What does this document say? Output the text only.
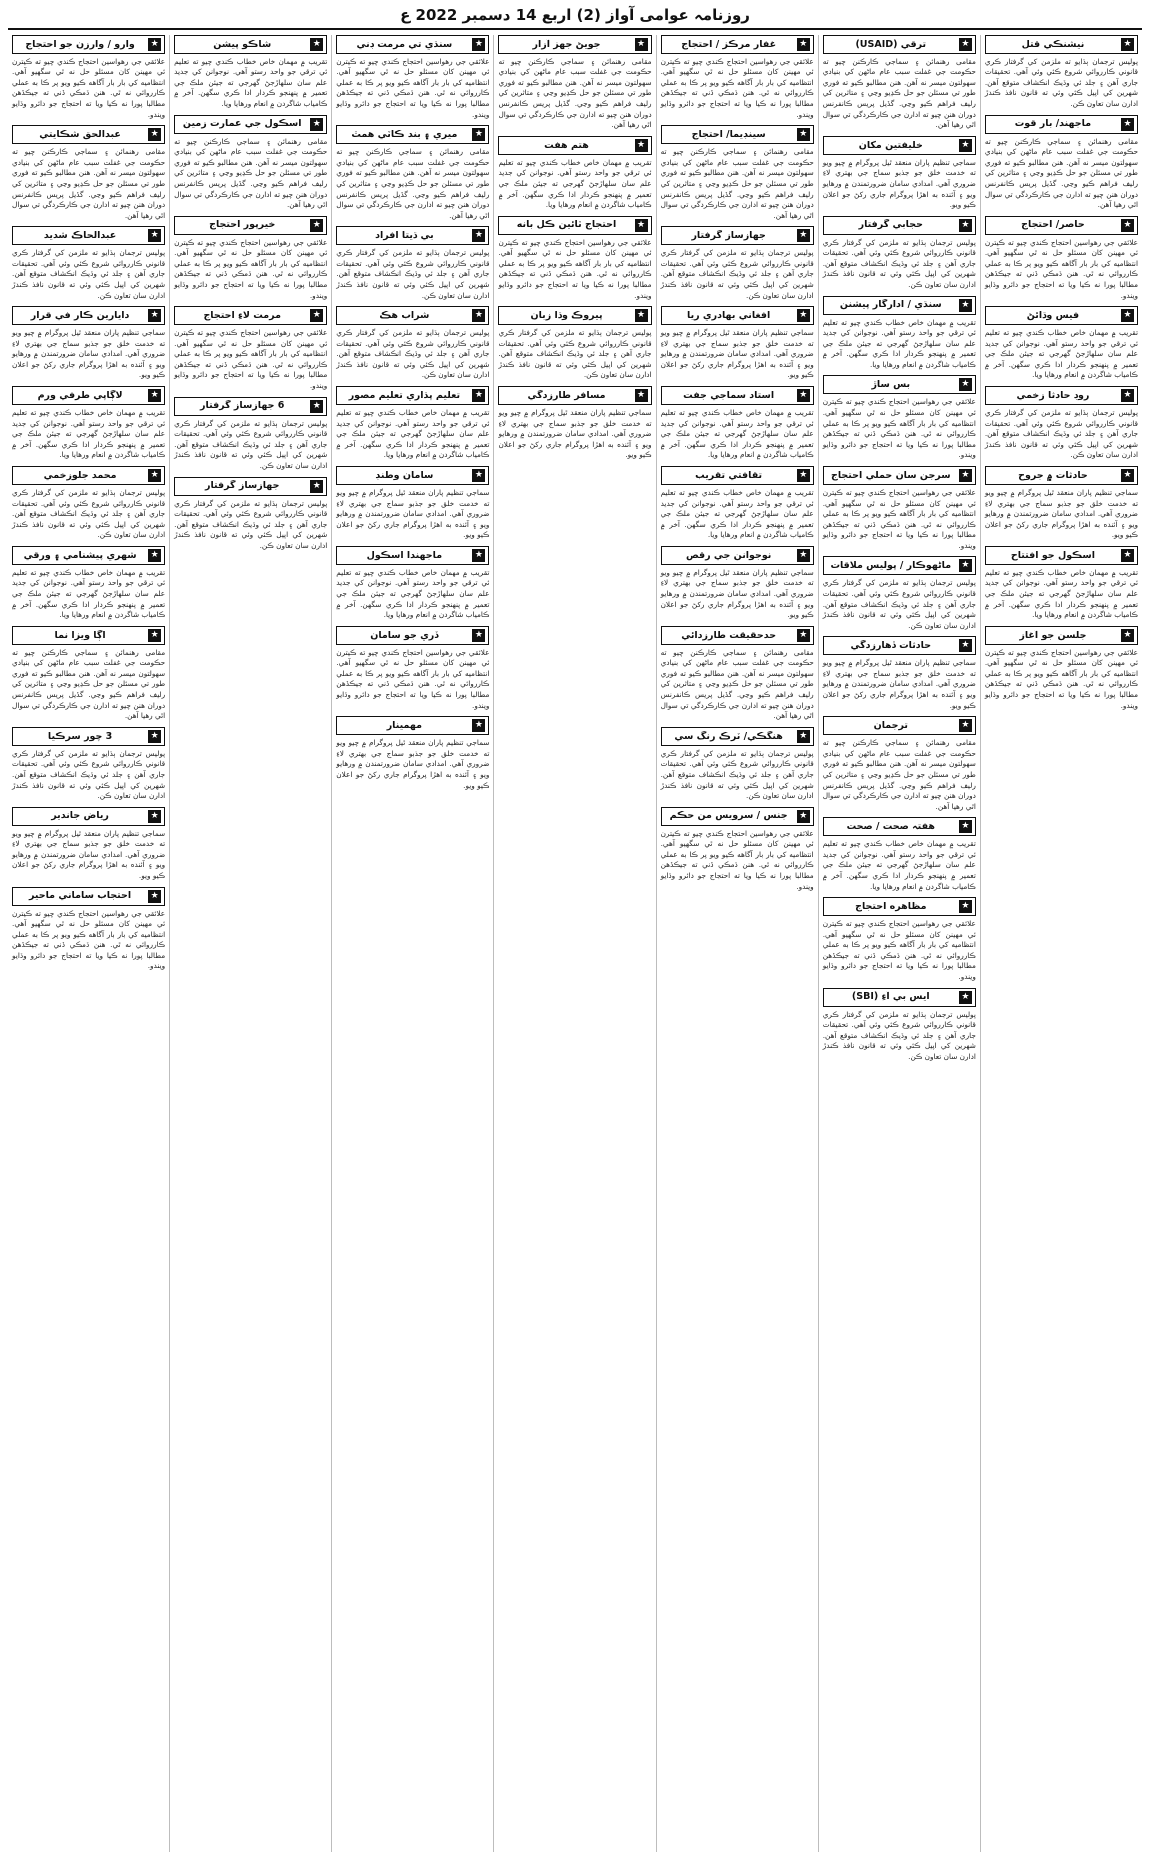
روزنامہ عوامی آواز (2) اربع 14 دسمبر 2022 ع
★
نيشنڪي قتل
پوليس ترجمان ٻڌايو ته ملزمن کي گرفتار ڪري قانوني ڪارروائي شروع ڪئي وئي آهي. تحقيقات جاري آهن ۽ جلد ئي وڌيڪ انڪشاف متوقع آهن. شهرين کي اپيل ڪئي وئي ته قانون نافذ ڪندڙ ادارن سان تعاون ڪن.
★
ماجهند/ بار قوت
مقامی رهنمائن ۽ سماجي ڪارڪنن چيو ته حڪومت جي غفلت سبب عام ماڻهن کي بنيادي سهولتون ميسر نه آهن. هنن مطالبو ڪيو ته فوري طور تي مسئلن جو حل ڪڍيو وڃي ۽ متاثرين کي رليف فراهم ڪيو وڃي. گڏيل پريس ڪانفرنس دوران هنن چيو ته ادارن جي ڪارڪردگي تي سوال اٿي رهيا آهن.
★
حاصر/ احتجاج
علائقي جي رهواسين احتجاج ڪندي چيو ته ڪيترن ئي مهينن کان مسئلو حل نه ٿي سگهيو آهي. انتظاميه کي بار بار آگاهه ڪيو ويو پر ڪا به عملي ڪارروائي نه ٿي. هنن ڌمڪي ڏني ته جيڪڏهن مطالبا پورا نه ڪيا ويا ته احتجاج جو دائرو وڌايو ويندو.
★
فيس وڌائڻ
تقريب ۾ مهمان خاص خطاب ڪندي چيو ته تعليم ئي ترقي جو واحد رستو آهي. نوجوانن کي جديد علم سان سلهاڙجڻ گهرجي ته جيئن ملڪ جي تعمير ۾ پنهنجو ڪردار ادا ڪري سگهن. آخر ۾ ڪامياب شاگردن ۾ انعام ورهايا ويا.
★
روڊ حادثا زخمي
پوليس ترجمان ٻڌايو ته ملزمن کي گرفتار ڪري قانوني ڪارروائي شروع ڪئي وئي آهي. تحقيقات جاري آهن ۽ جلد ئي وڌيڪ انڪشاف متوقع آهن. شهرين کي اپيل ڪئي وئي ته قانون نافذ ڪندڙ ادارن سان تعاون ڪن.
★
حادثات ۾ جروح
سماجي تنظيم پاران منعقد ٿيل پروگرام ۾ چيو ويو ته خدمت خلق جو جذبو سماج جي بهتري لاءِ ضروري آهي. امدادي سامان ضرورتمندن ۾ ورهايو ويو ۽ آئنده به اهڙا پروگرام جاري رکڻ جو اعلان ڪيو ويو.
★
اسڪول جو افتتاح
تقريب ۾ مهمان خاص خطاب ڪندي چيو ته تعليم ئي ترقي جو واحد رستو آهي. نوجوانن کي جديد علم سان سلهاڙجڻ گهرجي ته جيئن ملڪ جي تعمير ۾ پنهنجو ڪردار ادا ڪري سگهن. آخر ۾ ڪامياب شاگردن ۾ انعام ورهايا ويا.
★
جلسن جو آغاز
علائقي جي رهواسين احتجاج ڪندي چيو ته ڪيترن ئي مهينن کان مسئلو حل نه ٿي سگهيو آهي. انتظاميه کي بار بار آگاهه ڪيو ويو پر ڪا به عملي ڪارروائي نه ٿي. هنن ڌمڪي ڏني ته جيڪڏهن مطالبا پورا نه ڪيا ويا ته احتجاج جو دائرو وڌايو ويندو.
★
ترقي (USAID)
مقامی رهنمائن ۽ سماجي ڪارڪنن چيو ته حڪومت جي غفلت سبب عام ماڻهن کي بنيادي سهولتون ميسر نه آهن. هنن مطالبو ڪيو ته فوري طور تي مسئلن جو حل ڪڍيو وڃي ۽ متاثرين کي رليف فراهم ڪيو وڃي. گڏيل پريس ڪانفرنس دوران هنن چيو ته ادارن جي ڪارڪردگي تي سوال اٿي رهيا آهن.
★
خلیفتین مکان
سماجي تنظيم پاران منعقد ٿيل پروگرام ۾ چيو ويو ته خدمت خلق جو جذبو سماج جي بهتري لاءِ ضروري آهي. امدادي سامان ضرورتمندن ۾ ورهايو ويو ۽ آئنده به اهڙا پروگرام جاري رکڻ جو اعلان ڪيو ويو.
★
حجابي گرفتار
پوليس ترجمان ٻڌايو ته ملزمن کي گرفتار ڪري قانوني ڪارروائي شروع ڪئي وئي آهي. تحقيقات جاري آهن ۽ جلد ئي وڌيڪ انڪشاف متوقع آهن. شهرين کي اپيل ڪئي وئي ته قانون نافذ ڪندڙ ادارن سان تعاون ڪن.
★
سنڌي / ادارگار پیشنن
تقريب ۾ مهمان خاص خطاب ڪندي چيو ته تعليم ئي ترقي جو واحد رستو آهي. نوجوانن کي جديد علم سان سلهاڙجڻ گهرجي ته جيئن ملڪ جي تعمير ۾ پنهنجو ڪردار ادا ڪري سگهن. آخر ۾ ڪامياب شاگردن ۾ انعام ورهايا ويا.
★
بس ساڙ
علائقي جي رهواسين احتجاج ڪندي چيو ته ڪيترن ئي مهينن کان مسئلو حل نه ٿي سگهيو آهي. انتظاميه کي بار بار آگاهه ڪيو ويو پر ڪا به عملي ڪارروائي نه ٿي. هنن ڌمڪي ڏني ته جيڪڏهن مطالبا پورا نه ڪيا ويا ته احتجاج جو دائرو وڌايو ويندو.
★
سرجن سان حملي احتجاج
علائقي جي رهواسين احتجاج ڪندي چيو ته ڪيترن ئي مهينن کان مسئلو حل نه ٿي سگهيو آهي. انتظاميه کي بار بار آگاهه ڪيو ويو پر ڪا به عملي ڪارروائي نه ٿي. هنن ڌمڪي ڏني ته جيڪڏهن مطالبا پورا نه ڪيا ويا ته احتجاج جو دائرو وڌايو ويندو.
★
ماڻهوڪار / پولیس ملاقات
پوليس ترجمان ٻڌايو ته ملزمن کي گرفتار ڪري قانوني ڪارروائي شروع ڪئي وئي آهي. تحقيقات جاري آهن ۽ جلد ئي وڌيڪ انڪشاف متوقع آهن. شهرين کي اپيل ڪئي وئي ته قانون نافذ ڪندڙ ادارن سان تعاون ڪن.
★
حادثات ڏهارزدگي
سماجي تنظيم پاران منعقد ٿيل پروگرام ۾ چيو ويو ته خدمت خلق جو جذبو سماج جي بهتري لاءِ ضروري آهي. امدادي سامان ضرورتمندن ۾ ورهايو ويو ۽ آئنده به اهڙا پروگرام جاري رکڻ جو اعلان ڪيو ويو.
★
ترجمان
مقامی رهنمائن ۽ سماجي ڪارڪنن چيو ته حڪومت جي غفلت سبب عام ماڻهن کي بنيادي سهولتون ميسر نه آهن. هنن مطالبو ڪيو ته فوري طور تي مسئلن جو حل ڪڍيو وڃي ۽ متاثرين کي رليف فراهم ڪيو وڃي. گڏيل پريس ڪانفرنس دوران هنن چيو ته ادارن جي ڪارڪردگي تي سوال اٿي رهيا آهن.
★
هفتہ صحت / صحت
تقريب ۾ مهمان خاص خطاب ڪندي چيو ته تعليم ئي ترقي جو واحد رستو آهي. نوجوانن کي جديد علم سان سلهاڙجڻ گهرجي ته جيئن ملڪ جي تعمير ۾ پنهنجو ڪردار ادا ڪري سگهن. آخر ۾ ڪامياب شاگردن ۾ انعام ورهايا ويا.
★
مظاهره احتجاج
علائقي جي رهواسين احتجاج ڪندي چيو ته ڪيترن ئي مهينن کان مسئلو حل نه ٿي سگهيو آهي. انتظاميه کي بار بار آگاهه ڪيو ويو پر ڪا به عملي ڪارروائي نه ٿي. هنن ڌمڪي ڏني ته جيڪڏهن مطالبا پورا نه ڪيا ويا ته احتجاج جو دائرو وڌايو ويندو.
★
ايس بي آءِ (SBI)
پوليس ترجمان ٻڌايو ته ملزمن کي گرفتار ڪري قانوني ڪارروائي شروع ڪئي وئي آهي. تحقيقات جاري آهن ۽ جلد ئي وڌيڪ انڪشاف متوقع آهن. شهرين کي اپيل ڪئي وئي ته قانون نافذ ڪندڙ ادارن سان تعاون ڪن.
★
غفار مرڪز / احتجاج
علائقي جي رهواسين احتجاج ڪندي چيو ته ڪيترن ئي مهينن کان مسئلو حل نه ٿي سگهيو آهي. انتظاميه کي بار بار آگاهه ڪيو ويو پر ڪا به عملي ڪارروائي نه ٿي. هنن ڌمڪي ڏني ته جيڪڏهن مطالبا پورا نه ڪيا ويا ته احتجاج جو دائرو وڌايو ويندو.
★
سينڊيما/ احتجاج
مقامی رهنمائن ۽ سماجي ڪارڪنن چيو ته حڪومت جي غفلت سبب عام ماڻهن کي بنيادي سهولتون ميسر نه آهن. هنن مطالبو ڪيو ته فوري طور تي مسئلن جو حل ڪڍيو وڃي ۽ متاثرين کي رليف فراهم ڪيو وڃي. گڏيل پريس ڪانفرنس دوران هنن چيو ته ادارن جي ڪارڪردگي تي سوال اٿي رهيا آهن.
★
جهازساز گرفتار
پوليس ترجمان ٻڌايو ته ملزمن کي گرفتار ڪري قانوني ڪارروائي شروع ڪئي وئي آهي. تحقيقات جاري آهن ۽ جلد ئي وڌيڪ انڪشاف متوقع آهن. شهرين کي اپيل ڪئي وئي ته قانون نافذ ڪندڙ ادارن سان تعاون ڪن.
★
افغاني بهادري ريا
سماجي تنظيم پاران منعقد ٿيل پروگرام ۾ چيو ويو ته خدمت خلق جو جذبو سماج جي بهتري لاءِ ضروري آهي. امدادي سامان ضرورتمندن ۾ ورهايو ويو ۽ آئنده به اهڙا پروگرام جاري رکڻ جو اعلان ڪيو ويو.
★
استاد سماجي جفت
تقريب ۾ مهمان خاص خطاب ڪندي چيو ته تعليم ئي ترقي جو واحد رستو آهي. نوجوانن کي جديد علم سان سلهاڙجڻ گهرجي ته جيئن ملڪ جي تعمير ۾ پنهنجو ڪردار ادا ڪري سگهن. آخر ۾ ڪامياب شاگردن ۾ انعام ورهايا ويا.
★
تقافتي تقريب
تقريب ۾ مهمان خاص خطاب ڪندي چيو ته تعليم ئي ترقي جو واحد رستو آهي. نوجوانن کي جديد علم سان سلهاڙجڻ گهرجي ته جيئن ملڪ جي تعمير ۾ پنهنجو ڪردار ادا ڪري سگهن. آخر ۾ ڪامياب شاگردن ۾ انعام ورهايا ويا.
★
نوجوانن جي رقص
سماجي تنظيم پاران منعقد ٿيل پروگرام ۾ چيو ويو ته خدمت خلق جو جذبو سماج جي بهتري لاءِ ضروري آهي. امدادي سامان ضرورتمندن ۾ ورهايو ويو ۽ آئنده به اهڙا پروگرام جاري رکڻ جو اعلان ڪيو ويو.
★
حدحقيقت طارزدائي
مقامی رهنمائن ۽ سماجي ڪارڪنن چيو ته حڪومت جي غفلت سبب عام ماڻهن کي بنيادي سهولتون ميسر نه آهن. هنن مطالبو ڪيو ته فوري طور تي مسئلن جو حل ڪڍيو وڃي ۽ متاثرين کي رليف فراهم ڪيو وڃي. گڏيل پريس ڪانفرنس دوران هنن چيو ته ادارن جي ڪارڪردگي تي سوال اٿي رهيا آهن.
★
هنگڪي/ ٽرڪ رنگ سي
پوليس ترجمان ٻڌايو ته ملزمن کي گرفتار ڪري قانوني ڪارروائي شروع ڪئي وئي آهي. تحقيقات جاري آهن ۽ جلد ئي وڌيڪ انڪشاف متوقع آهن. شهرين کي اپيل ڪئي وئي ته قانون نافذ ڪندڙ ادارن سان تعاون ڪن.
★
جنس / سرويس من حڪم
علائقي جي رهواسين احتجاج ڪندي چيو ته ڪيترن ئي مهينن کان مسئلو حل نه ٿي سگهيو آهي. انتظاميه کي بار بار آگاهه ڪيو ويو پر ڪا به عملي ڪارروائي نه ٿي. هنن ڌمڪي ڏني ته جيڪڏهن مطالبا پورا نه ڪيا ويا ته احتجاج جو دائرو وڌايو ويندو.
★
جويڻ جهز آزار
مقامی رهنمائن ۽ سماجي ڪارڪنن چيو ته حڪومت جي غفلت سبب عام ماڻهن کي بنيادي سهولتون ميسر نه آهن. هنن مطالبو ڪيو ته فوري طور تي مسئلن جو حل ڪڍيو وڃي ۽ متاثرين کي رليف فراهم ڪيو وڃي. گڏيل پريس ڪانفرنس دوران هنن چيو ته ادارن جي ڪارڪردگي تي سوال اٿي رهيا آهن.
★
هتم هفت
تقريب ۾ مهمان خاص خطاب ڪندي چيو ته تعليم ئي ترقي جو واحد رستو آهي. نوجوانن کي جديد علم سان سلهاڙجڻ گهرجي ته جيئن ملڪ جي تعمير ۾ پنهنجو ڪردار ادا ڪري سگهن. آخر ۾ ڪامياب شاگردن ۾ انعام ورهايا ويا.
★
احتجاج ٽائين ڪل بانه
علائقي جي رهواسين احتجاج ڪندي چيو ته ڪيترن ئي مهينن کان مسئلو حل نه ٿي سگهيو آهي. انتظاميه کي بار بار آگاهه ڪيو ويو پر ڪا به عملي ڪارروائي نه ٿي. هنن ڌمڪي ڏني ته جيڪڏهن مطالبا پورا نه ڪيا ويا ته احتجاج جو دائرو وڌايو ويندو.
★
پيروڪ وڌا زبان
پوليس ترجمان ٻڌايو ته ملزمن کي گرفتار ڪري قانوني ڪارروائي شروع ڪئي وئي آهي. تحقيقات جاري آهن ۽ جلد ئي وڌيڪ انڪشاف متوقع آهن. شهرين کي اپيل ڪئي وئي ته قانون نافذ ڪندڙ ادارن سان تعاون ڪن.
★
مسافر طارزدگي
سماجي تنظيم پاران منعقد ٿيل پروگرام ۾ چيو ويو ته خدمت خلق جو جذبو سماج جي بهتري لاءِ ضروري آهي. امدادي سامان ضرورتمندن ۾ ورهايو ويو ۽ آئنده به اهڙا پروگرام جاري رکڻ جو اعلان ڪيو ويو.
★
سنڌي تي مرمت ڊني
علائقي جي رهواسين احتجاج ڪندي چيو ته ڪيترن ئي مهينن کان مسئلو حل نه ٿي سگهيو آهي. انتظاميه کي بار بار آگاهه ڪيو ويو پر ڪا به عملي ڪارروائي نه ٿي. هنن ڌمڪي ڏني ته جيڪڏهن مطالبا پورا نه ڪيا ويا ته احتجاج جو دائرو وڌايو ويندو.
★
ميري ۽ بند ڪاٽي همٿ
مقامی رهنمائن ۽ سماجي ڪارڪنن چيو ته حڪومت جي غفلت سبب عام ماڻهن کي بنيادي سهولتون ميسر نه آهن. هنن مطالبو ڪيو ته فوري طور تي مسئلن جو حل ڪڍيو وڃي ۽ متاثرين کي رليف فراهم ڪيو وڃي. گڏيل پريس ڪانفرنس دوران هنن چيو ته ادارن جي ڪارڪردگي تي سوال اٿي رهيا آهن.
★
بي ڌيتا افراد
پوليس ترجمان ٻڌايو ته ملزمن کي گرفتار ڪري قانوني ڪارروائي شروع ڪئي وئي آهي. تحقيقات جاري آهن ۽ جلد ئي وڌيڪ انڪشاف متوقع آهن. شهرين کي اپيل ڪئي وئي ته قانون نافذ ڪندڙ ادارن سان تعاون ڪن.
★
شراب هڪ
پوليس ترجمان ٻڌايو ته ملزمن کي گرفتار ڪري قانوني ڪارروائي شروع ڪئي وئي آهي. تحقيقات جاري آهن ۽ جلد ئي وڌيڪ انڪشاف متوقع آهن. شهرين کي اپيل ڪئي وئي ته قانون نافذ ڪندڙ ادارن سان تعاون ڪن.
★
تعليم پڌاري تعليم مصور
تقريب ۾ مهمان خاص خطاب ڪندي چيو ته تعليم ئي ترقي جو واحد رستو آهي. نوجوانن کي جديد علم سان سلهاڙجڻ گهرجي ته جيئن ملڪ جي تعمير ۾ پنهنجو ڪردار ادا ڪري سگهن. آخر ۾ ڪامياب شاگردن ۾ انعام ورهايا ويا.
★
سامان وطنڊ
سماجي تنظيم پاران منعقد ٿيل پروگرام ۾ چيو ويو ته خدمت خلق جو جذبو سماج جي بهتري لاءِ ضروري آهي. امدادي سامان ضرورتمندن ۾ ورهايو ويو ۽ آئنده به اهڙا پروگرام جاري رکڻ جو اعلان ڪيو ويو.
★
ماجهندا اسڪول
تقريب ۾ مهمان خاص خطاب ڪندي چيو ته تعليم ئي ترقي جو واحد رستو آهي. نوجوانن کي جديد علم سان سلهاڙجڻ گهرجي ته جيئن ملڪ جي تعمير ۾ پنهنجو ڪردار ادا ڪري سگهن. آخر ۾ ڪامياب شاگردن ۾ انعام ورهايا ويا.
★
ڏري جو سامان
علائقي جي رهواسين احتجاج ڪندي چيو ته ڪيترن ئي مهينن کان مسئلو حل نه ٿي سگهيو آهي. انتظاميه کي بار بار آگاهه ڪيو ويو پر ڪا به عملي ڪارروائي نه ٿي. هنن ڌمڪي ڏني ته جيڪڏهن مطالبا پورا نه ڪيا ويا ته احتجاج جو دائرو وڌايو ويندو.
★
مهمينار
سماجي تنظيم پاران منعقد ٿيل پروگرام ۾ چيو ويو ته خدمت خلق جو جذبو سماج جي بهتري لاءِ ضروري آهي. امدادي سامان ضرورتمندن ۾ ورهايو ويو ۽ آئنده به اهڙا پروگرام جاري رکڻ جو اعلان ڪيو ويو.
★
شاڪو پيشن
تقريب ۾ مهمان خاص خطاب ڪندي چيو ته تعليم ئي ترقي جو واحد رستو آهي. نوجوانن کي جديد علم سان سلهاڙجڻ گهرجي ته جيئن ملڪ جي تعمير ۾ پنهنجو ڪردار ادا ڪري سگهن. آخر ۾ ڪامياب شاگردن ۾ انعام ورهايا ويا.
★
اسڪول جي عمارت زمين
مقامی رهنمائن ۽ سماجي ڪارڪنن چيو ته حڪومت جي غفلت سبب عام ماڻهن کي بنيادي سهولتون ميسر نه آهن. هنن مطالبو ڪيو ته فوري طور تي مسئلن جو حل ڪڍيو وڃي ۽ متاثرين کي رليف فراهم ڪيو وڃي. گڏيل پريس ڪانفرنس دوران هنن چيو ته ادارن جي ڪارڪردگي تي سوال اٿي رهيا آهن.
★
خيرپور احتجاج
علائقي جي رهواسين احتجاج ڪندي چيو ته ڪيترن ئي مهينن کان مسئلو حل نه ٿي سگهيو آهي. انتظاميه کي بار بار آگاهه ڪيو ويو پر ڪا به عملي ڪارروائي نه ٿي. هنن ڌمڪي ڏني ته جيڪڏهن مطالبا پورا نه ڪيا ويا ته احتجاج جو دائرو وڌايو ويندو.
★
مرمت لاءِ احتجاج
علائقي جي رهواسين احتجاج ڪندي چيو ته ڪيترن ئي مهينن کان مسئلو حل نه ٿي سگهيو آهي. انتظاميه کي بار بار آگاهه ڪيو ويو پر ڪا به عملي ڪارروائي نه ٿي. هنن ڌمڪي ڏني ته جيڪڏهن مطالبا پورا نه ڪيا ويا ته احتجاج جو دائرو وڌايو ويندو.
★
6 جهازساز گرفتار
پوليس ترجمان ٻڌايو ته ملزمن کي گرفتار ڪري قانوني ڪارروائي شروع ڪئي وئي آهي. تحقيقات جاري آهن ۽ جلد ئي وڌيڪ انڪشاف متوقع آهن. شهرين کي اپيل ڪئي وئي ته قانون نافذ ڪندڙ ادارن سان تعاون ڪن.
★
جهازساز گرفتار
پوليس ترجمان ٻڌايو ته ملزمن کي گرفتار ڪري قانوني ڪارروائي شروع ڪئي وئي آهي. تحقيقات جاري آهن ۽ جلد ئي وڌيڪ انڪشاف متوقع آهن. شهرين کي اپيل ڪئي وئي ته قانون نافذ ڪندڙ ادارن سان تعاون ڪن.
★
وارو / وارزن جو احتجاج
علائقي جي رهواسين احتجاج ڪندي چيو ته ڪيترن ئي مهينن کان مسئلو حل نه ٿي سگهيو آهي. انتظاميه کي بار بار آگاهه ڪيو ويو پر ڪا به عملي ڪارروائي نه ٿي. هنن ڌمڪي ڏني ته جيڪڏهن مطالبا پورا نه ڪيا ويا ته احتجاج جو دائرو وڌايو ويندو.
★
عبدالحق شڪايتي
مقامی رهنمائن ۽ سماجي ڪارڪنن چيو ته حڪومت جي غفلت سبب عام ماڻهن کي بنيادي سهولتون ميسر نه آهن. هنن مطالبو ڪيو ته فوري طور تي مسئلن جو حل ڪڍيو وڃي ۽ متاثرين کي رليف فراهم ڪيو وڃي. گڏيل پريس ڪانفرنس دوران هنن چيو ته ادارن جي ڪارڪردگي تي سوال اٿي رهيا آهن.
★
عبدالحاڪ شديد
پوليس ترجمان ٻڌايو ته ملزمن کي گرفتار ڪري قانوني ڪارروائي شروع ڪئي وئي آهي. تحقيقات جاري آهن ۽ جلد ئي وڌيڪ انڪشاف متوقع آهن. شهرين کي اپيل ڪئي وئي ته قانون نافذ ڪندڙ ادارن سان تعاون ڪن.
★
دايارين ڪار في قرار
سماجي تنظيم پاران منعقد ٿيل پروگرام ۾ چيو ويو ته خدمت خلق جو جذبو سماج جي بهتري لاءِ ضروري آهي. امدادي سامان ضرورتمندن ۾ ورهايو ويو ۽ آئنده به اهڙا پروگرام جاري رکڻ جو اعلان ڪيو ويو.
★
لاڳاپي طرفي ورم
تقريب ۾ مهمان خاص خطاب ڪندي چيو ته تعليم ئي ترقي جو واحد رستو آهي. نوجوانن کي جديد علم سان سلهاڙجڻ گهرجي ته جيئن ملڪ جي تعمير ۾ پنهنجو ڪردار ادا ڪري سگهن. آخر ۾ ڪامياب شاگردن ۾ انعام ورهايا ويا.
★
محمد جلوزخمي
پوليس ترجمان ٻڌايو ته ملزمن کي گرفتار ڪري قانوني ڪارروائي شروع ڪئي وئي آهي. تحقيقات جاري آهن ۽ جلد ئي وڌيڪ انڪشاف متوقع آهن. شهرين کي اپيل ڪئي وئي ته قانون نافذ ڪندڙ ادارن سان تعاون ڪن.
★
شهري پيشنامي ۽ ورقي
تقريب ۾ مهمان خاص خطاب ڪندي چيو ته تعليم ئي ترقي جو واحد رستو آهي. نوجوانن کي جديد علم سان سلهاڙجڻ گهرجي ته جيئن ملڪ جي تعمير ۾ پنهنجو ڪردار ادا ڪري سگهن. آخر ۾ ڪامياب شاگردن ۾ انعام ورهايا ويا.
★
اڳا ويزا نما
مقامی رهنمائن ۽ سماجي ڪارڪنن چيو ته حڪومت جي غفلت سبب عام ماڻهن کي بنيادي سهولتون ميسر نه آهن. هنن مطالبو ڪيو ته فوري طور تي مسئلن جو حل ڪڍيو وڃي ۽ متاثرين کي رليف فراهم ڪيو وڃي. گڏيل پريس ڪانفرنس دوران هنن چيو ته ادارن جي ڪارڪردگي تي سوال اٿي رهيا آهن.
★
3 چور سرڪيا
پوليس ترجمان ٻڌايو ته ملزمن کي گرفتار ڪري قانوني ڪارروائي شروع ڪئي وئي آهي. تحقيقات جاري آهن ۽ جلد ئي وڌيڪ انڪشاف متوقع آهن. شهرين کي اپيل ڪئي وئي ته قانون نافذ ڪندڙ ادارن سان تعاون ڪن.
★
رياض جاندير
سماجي تنظيم پاران منعقد ٿيل پروگرام ۾ چيو ويو ته خدمت خلق جو جذبو سماج جي بهتري لاءِ ضروري آهي. امدادي سامان ضرورتمندن ۾ ورهايو ويو ۽ آئنده به اهڙا پروگرام جاري رکڻ جو اعلان ڪيو ويو.
★
احتجاب ساماني ماحير
علائقي جي رهواسين احتجاج ڪندي چيو ته ڪيترن ئي مهينن کان مسئلو حل نه ٿي سگهيو آهي. انتظاميه کي بار بار آگاهه ڪيو ويو پر ڪا به عملي ڪارروائي نه ٿي. هنن ڌمڪي ڏني ته جيڪڏهن مطالبا پورا نه ڪيا ويا ته احتجاج جو دائرو وڌايو ويندو.
